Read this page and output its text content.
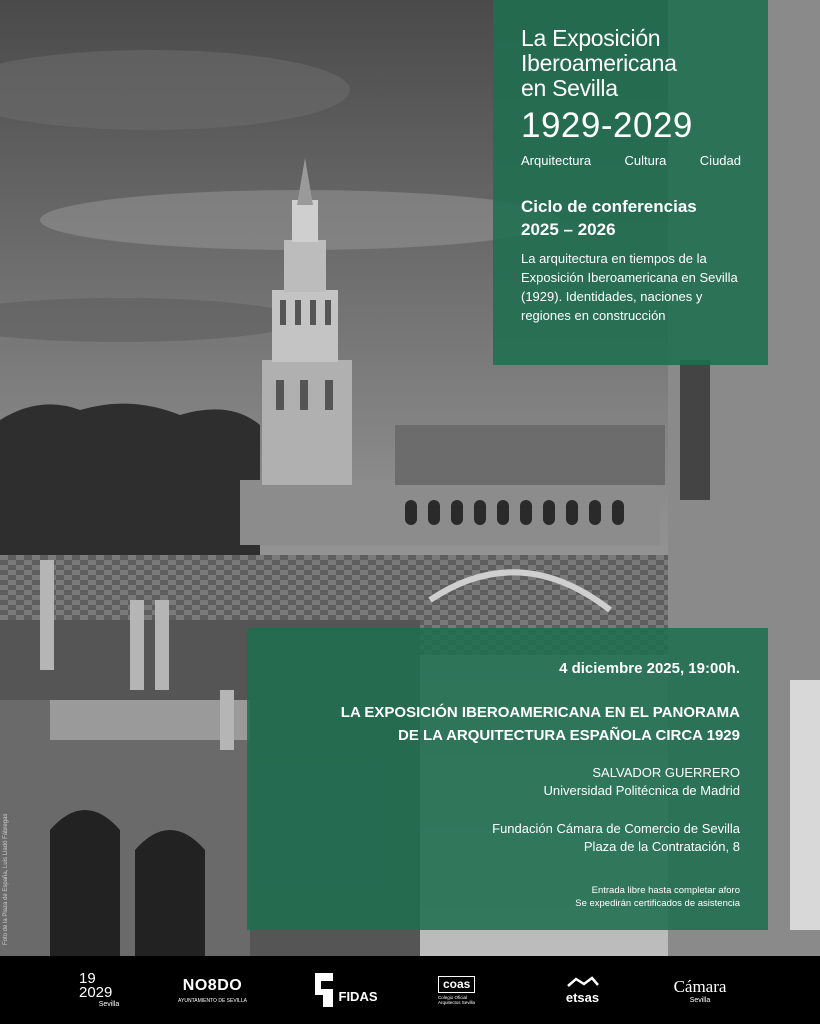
Foto de la Plaza de España, Luis Lladó Fábregas
La Exposición
Iberoamericana
en Sevilla
1929-2029
Arquitectura	Cultura	Ciudad
Ciclo de conferencias
2025 – 2026
La arquitectura en tiempos de la Exposición Iberoamericana en Sevilla (1929). Identidades, naciones y regiones en construcción
4 diciembre 2025, 19:00h.
LA EXPOSICIÓN IBEROAMERICANA EN EL PANORAMA
DE LA ARQUITECTURA ESPAÑOLA CIRCA 1929
SALVADOR GUERRERO
Universidad Politécnica de Madrid
Fundación Cámara de Comercio de Sevilla
Plaza de la Contratación, 8
Entrada libre hasta completar aforo
Se expedirán certificados de asistencia
19
2029
Sevilla
NO8DO
AYUNTAMIENTO DE SEVILLA	FIDAS
coas
Colegio Oficial Arquitectos Sevilla	etsas
Cámara
Sevilla
